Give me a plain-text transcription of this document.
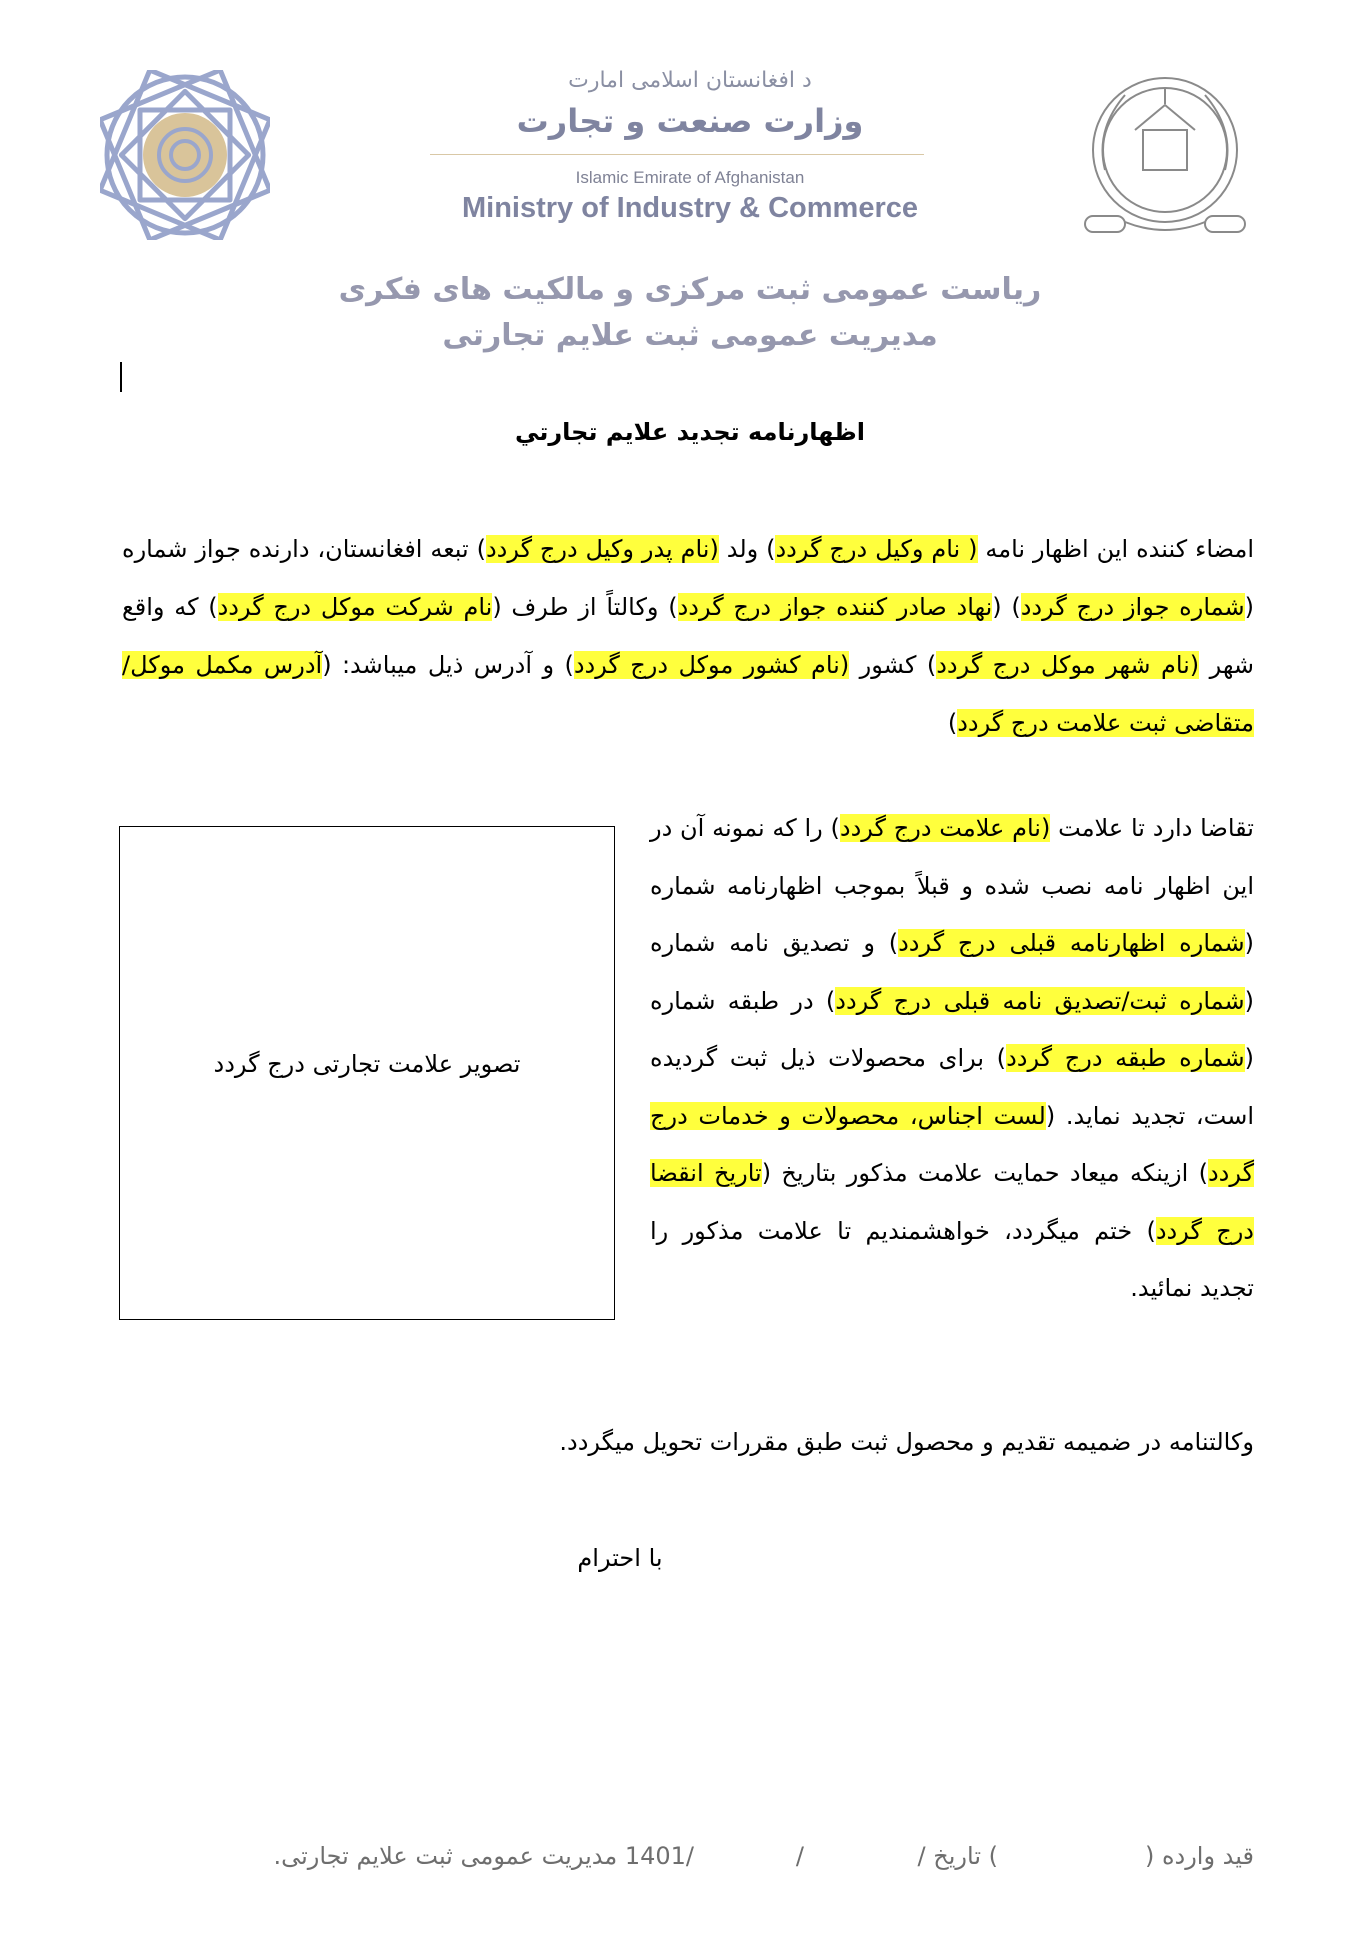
د افغانستان اسلامی امارت
وزارت صنعت و تجارت
Islamic Emirate of Afghanistan
Ministry of Industry & Commerce
ریاست عمومی ثبت مرکزی و مالکیت های فکری
مدیریت عمومی ثبت علایم تجارتی
اظهارنامه تجدید علایم تجارتي
امضاء کننده این اظهار نامه ( نام وکیل درج گردد) ولد (نام پدر وکیل درج گردد) تبعه افغانستان، دارنده جواز شماره (شماره جواز درج گردد) (نهاد صادر کننده جواز درج گردد) وکالتاً از طرف (نام شرکت موکل درج گردد) که واقع شهر (نام شهر موکل درج گردد) کشور (نام کشور موکل درج گردد) و آدرس ذیل میباشد: (آدرس مکمل موکل/متقاضی ثبت علامت درج گردد)
تصویر علامت تجارتی درج گردد
تقاضا دارد تا علامت (نام علامت درج گردد) را که نمونه آن در این اظهار نامه نصب شده و قبلاً بموجب اظهارنامه شماره (شماره اظهارنامه قبلی درج گردد) و تصدیق نامه شماره (شماره ثبت/تصدیق نامه قبلی درج گردد) در طبقه شماره (شماره طبقه درج گردد) برای محصولات ذیل ثبت گردیده است، تجدید نماید. (لست اجناس، محصولات و خدمات درج گردد) ازینکه میعاد حمایت علامت مذکور بتاریخ (تاریخ انقضا درج گردد) ختم میگردد، خواهشمندیم تا علامت مذکور را تجدید نمائید.
وکالتنامه در ضمیمه تقدیم و محصول ثبت طبق مقررات تحویل میگردد.
با احترام
قید وارده (
) تاریخ /
/
/1401 مدیریت عمومی ثبت علایم تجارتی.
